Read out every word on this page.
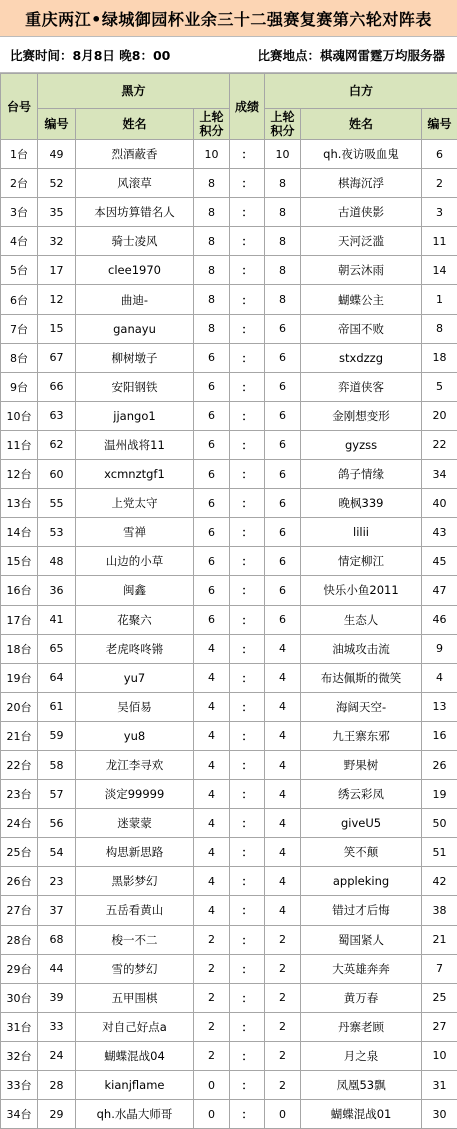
重庆两江•绿城御园杯业余三十二强赛复赛第六轮对阵表
比赛时间：8月8日 晚8：00	比赛地点：棋魂网雷霆万均服务器
台号	黑方			成绩	白方		
	编号	姓名	上轮积分		上轮积分	姓名	编号
1台	49	烈酒蔽香	10	：	10	qh.夜访吸血鬼	6
2台	52	风滚草	8	：	8	棋海沉浮	2
3台	35	本因坊算错名人	8	：	8	古道侠影	3
4台	32	骑士凌风	8	：	8	天河泛滥	11
5台	17	clee1970	8	：	8	朝云沐雨	14
6台	12	曲迪-	8	：	8	蝴蝶公主	1
7台	15	ganayu	8	：	6	帝国不败	8
8台	67	柳树墩子	6	：	6	stxdzzg	18
9台	66	安阳钢铁	6	：	6	弈道侠客	5
10台	63	jjango1	6	：	6	金刚想变形	20
11台	62	温州战将11	6	：	6	gyzss	22
12台	60	xcmnztgf1	6	：	6	鸽子情缘	34
13台	55	上党太守	6	：	6	晚枫339	40
14台	53	雪禅	6	：	6	lilii	43
15台	48	山边的小草	6	：	6	情定柳江	45
16台	36	闽鑫	6	：	6	快乐小鱼2011	47
17台	41	花聚六	6	：	6	生态人	46
18台	65	老虎咚咚锵	4	：	4	油城攻击流	9
19台	64	yu7	4	：	4	布达佩斯的微笑	4
20台	61	吴佰易	4	：	4	海阔天空-	13
21台	59	yu8	4	：	4	九王寨东邪	16
22台	58	龙江李寻欢	4	：	4	野果树	26
23台	57	淡定99999	4	：	4	绣云彩凤	19
24台	56	迷蒙蒙	4	：	4	giveU5	50
25台	54	构思新思路	4	：	4	笑不颠	51
26台	23	黑影梦幻	4	：	4	appleking	42
27台	37	五岳看黄山	4	：	4	错过才后悔	38
28台	68	梭一不二	2	：	2	蜀国紧人	21
29台	44	雪的梦幻	2	：	2	大英雄奔奔	7
30台	39	五甲围棋	2	：	2	黄万春	25
31台	33	对自己好点a	2	：	2	丹寨老顾	27
32台	24	蝴蝶混战04	2	：	2	月之泉	10
33台	28	kianjflame	0	：	2	凤凰53飘	31
34台	29	qh.水晶大师哥	0	：	0	蝴蝶混战01	30
